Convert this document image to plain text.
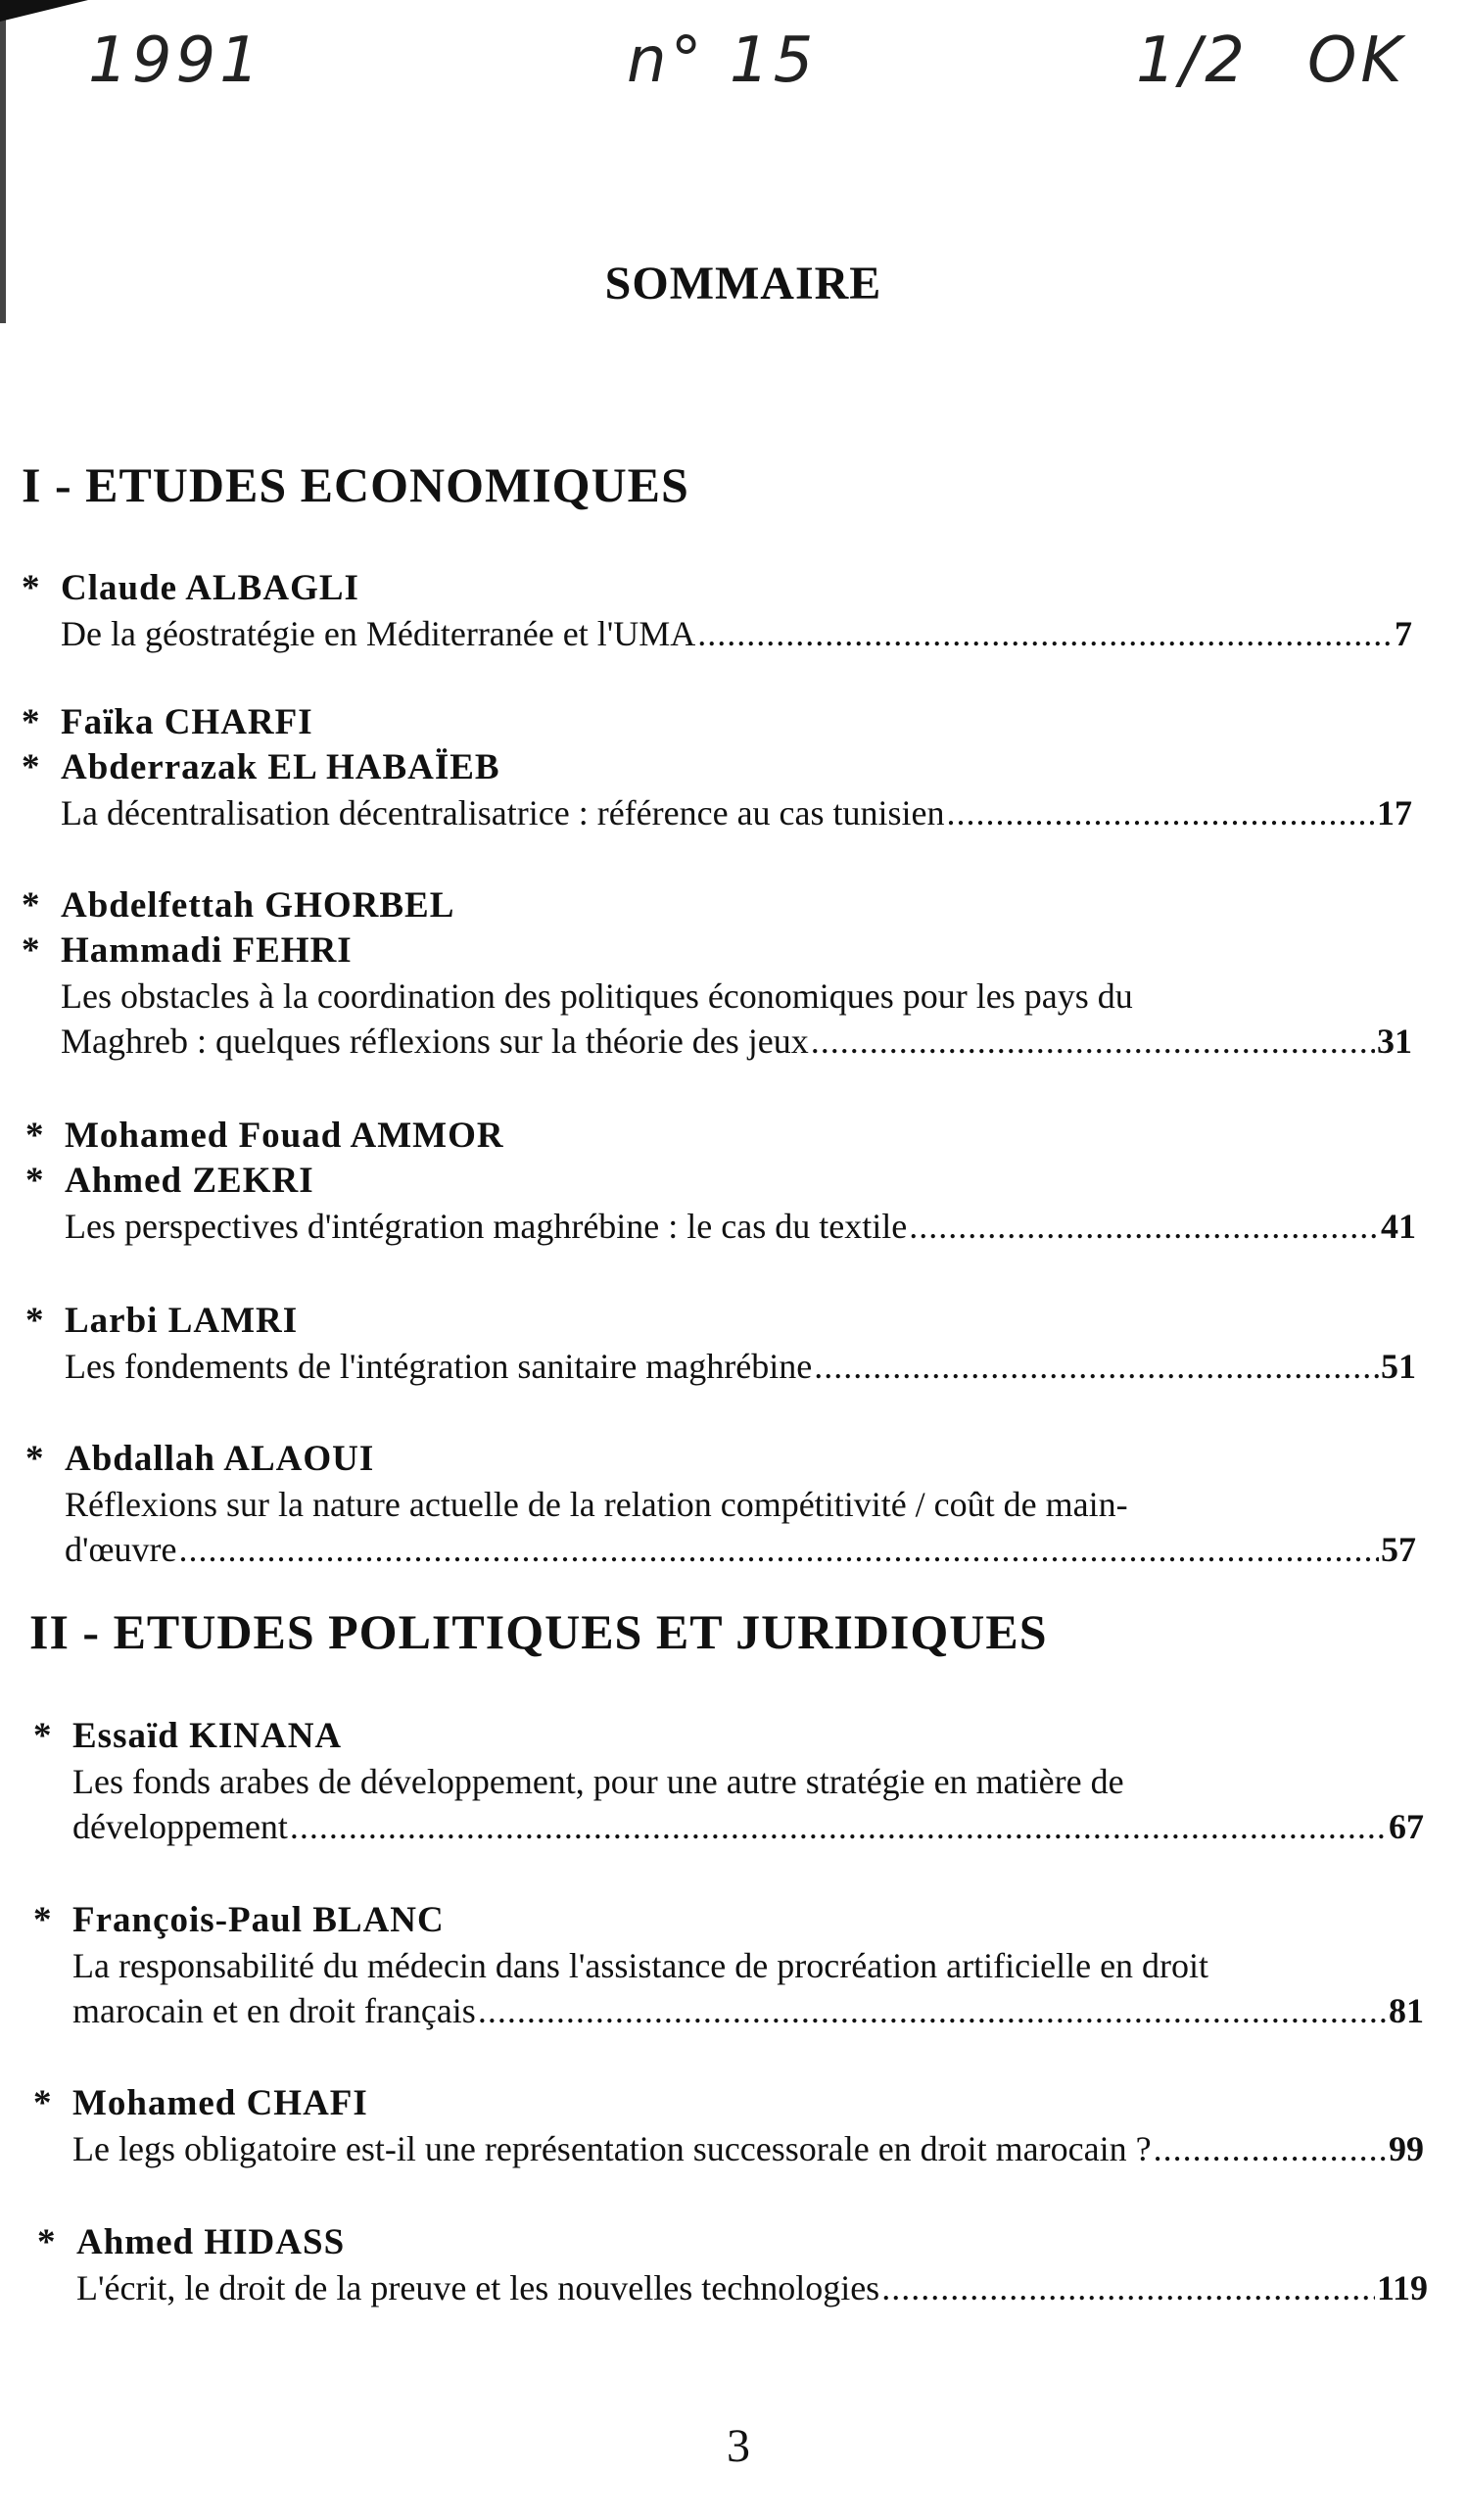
1991	n° 15	1/2 OK
SOMMAIRE
I - ETUDES ECONOMIQUES
* Claude ALBAGLI
De la géostratégie en Méditerranée et l'UMA .....	7
* Faïka CHARFI
* Abderrazak EL HABAÏEB
La décentralisation décentralisatrice : référence au cas tunisien .....	17
* Abdelfettah GHORBEL
* Hammadi FEHRI
Les obstacles à la coordination des politiques économiques pour les pays du
Maghreb : quelques réflexions sur la théorie des jeux .....	31
* Mohamed Fouad AMMOR
* Ahmed ZEKRI
Les perspectives d'intégration maghrébine : le cas du textile .....	41
* Larbi LAMRI
Les fondements de l'intégration sanitaire maghrébine .....	51
* Abdallah ALAOUI
Réflexions sur la nature actuelle de la relation compétitivité / coût de main-
d'œuvre .....	57
II - ETUDES POLITIQUES ET JURIDIQUES
* Essaïd KINANA
Les fonds arabes de développement, pour une autre stratégie en matière de
développement .....	67
* François-Paul BLANC
La responsabilité du médecin dans l'assistance de procréation artificielle en droit
marocain et en droit français .....	81
* Mohamed CHAFI
Le legs obligatoire est-il une représentation successorale en droit marocain ? .....	99
* Ahmed HIDASS
L'écrit, le droit de la preuve et les nouvelles technologies .....	119
3
